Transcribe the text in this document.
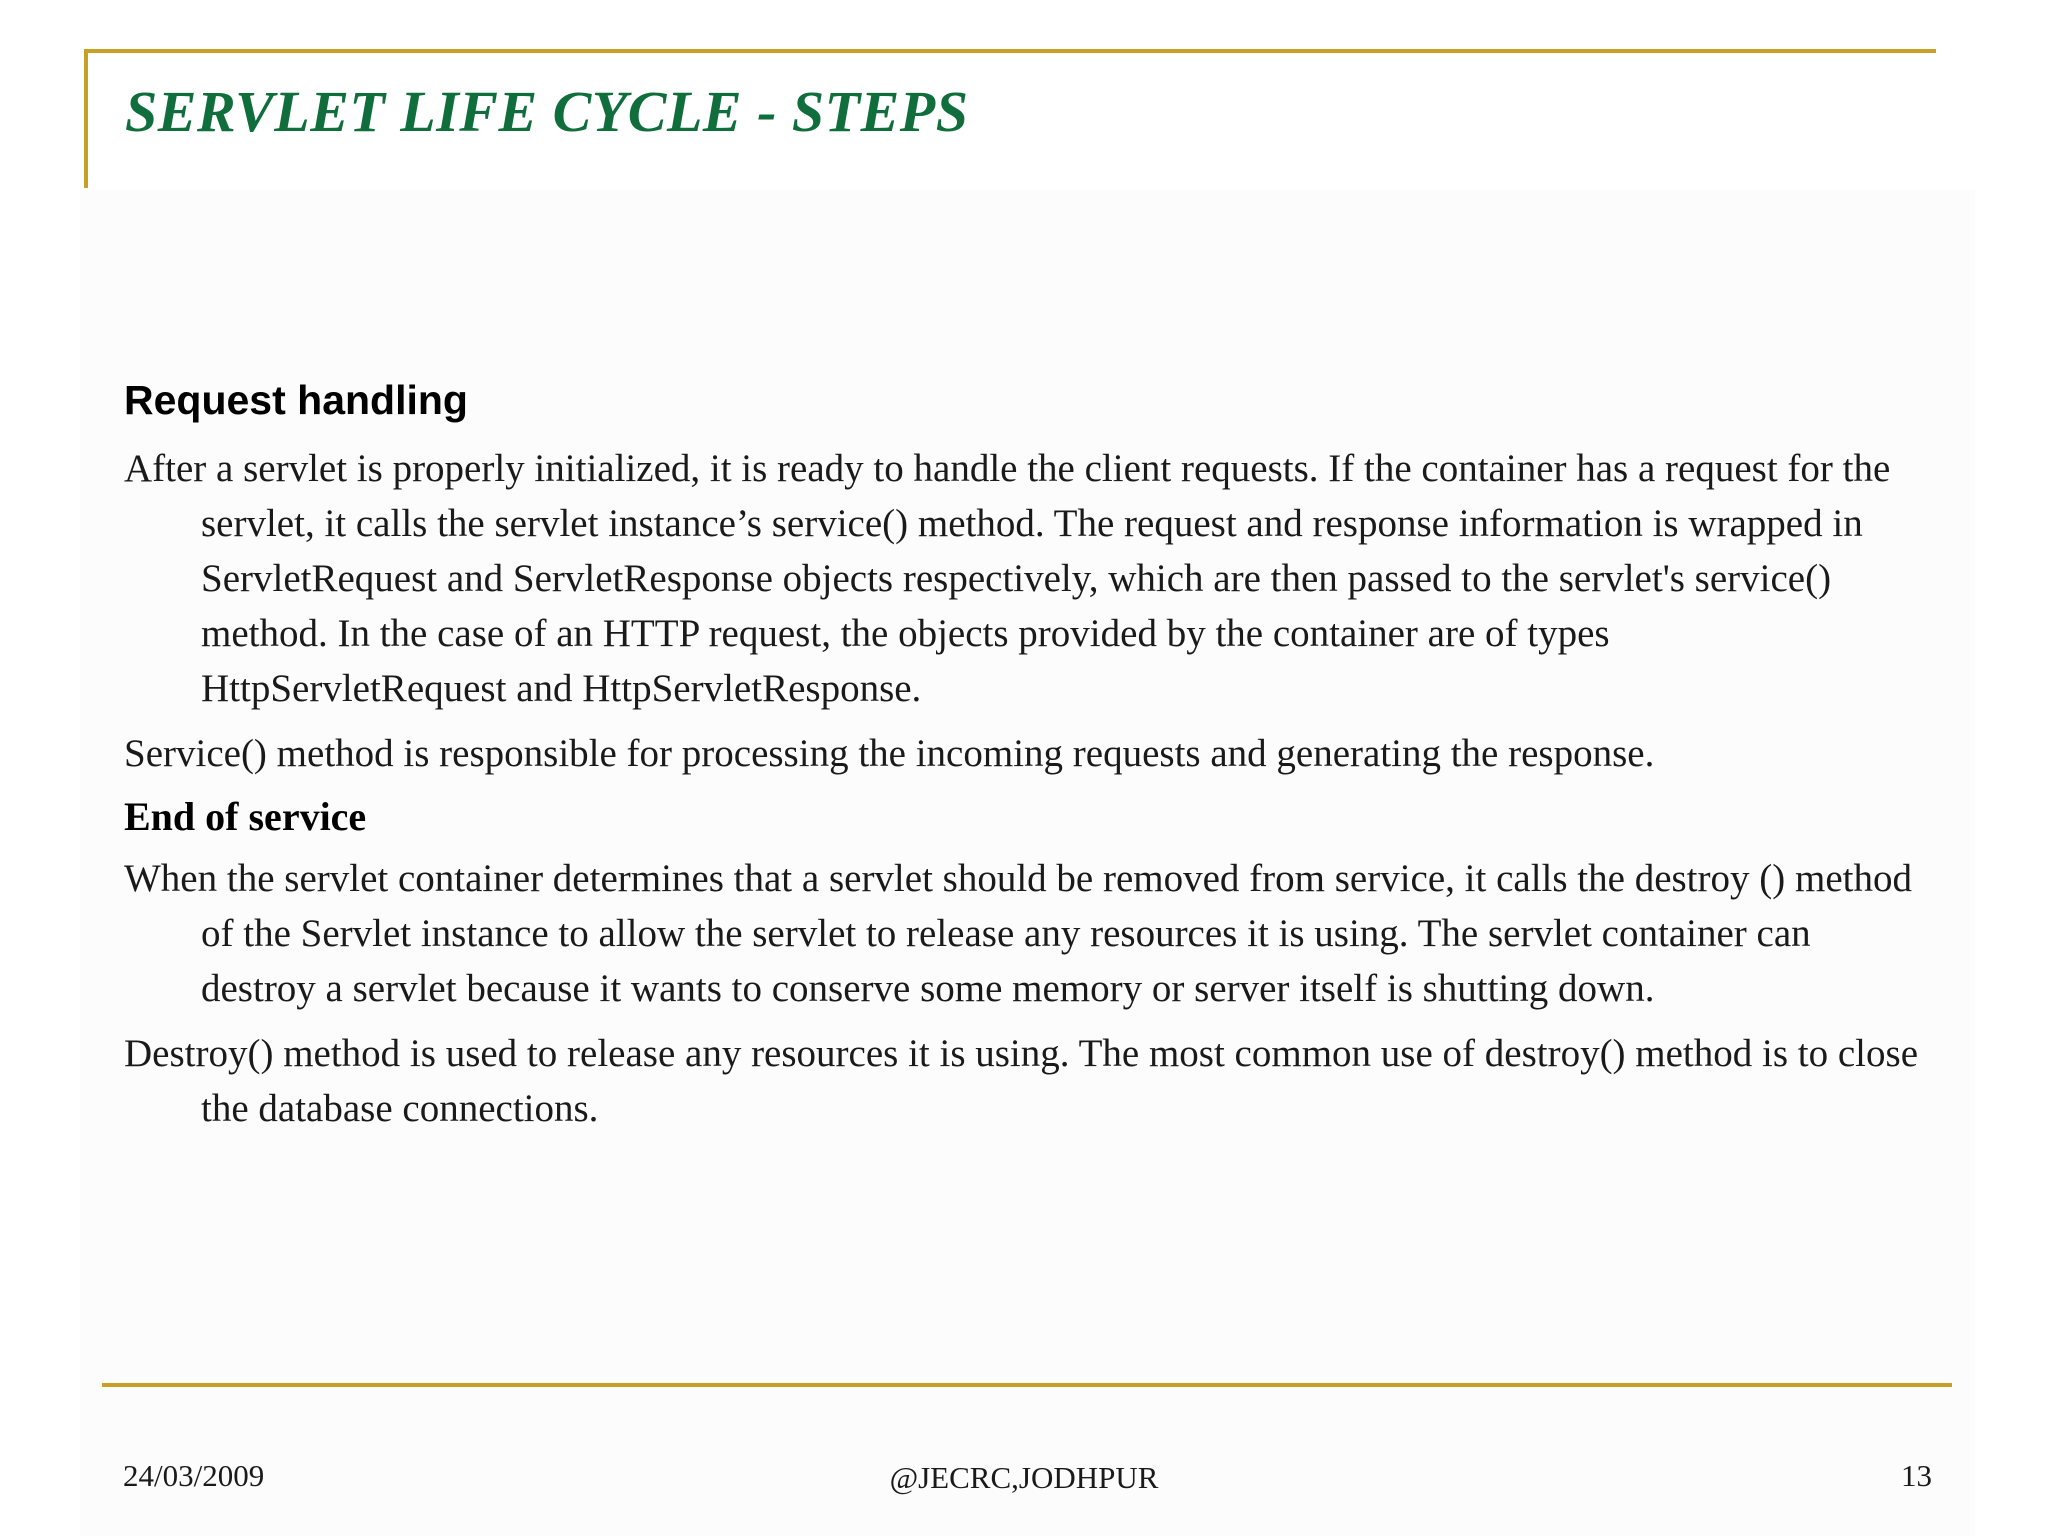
SERVLET LIFE CYCLE - STEPS
Request handling

After a servlet is properly initialized, it is ready to handle the client requests. If the container has a request for the servlet, it calls the servlet instance’s service() method. The request and response information is wrapped in ServletRequest and ServletResponse objects respectively, which are then passed to the servlet's service() method. In the case of an HTTP request, the objects provided by the container are of types HttpServletRequest and HttpServletResponse.

Service() method is responsible for processing the incoming requests and generating the response.

End of service

When the servlet container determines that a servlet should be removed from service, it calls the destroy () method of the Servlet instance to allow the servlet to release any resources it is using. The servlet container can destroy a servlet because it wants to conserve some memory or server itself is shutting down.

Destroy() method is used to release any resources it is using. The most common use of destroy() method is to close the database connections.

24/03/2009	@JECRC,JODHPUR	13
